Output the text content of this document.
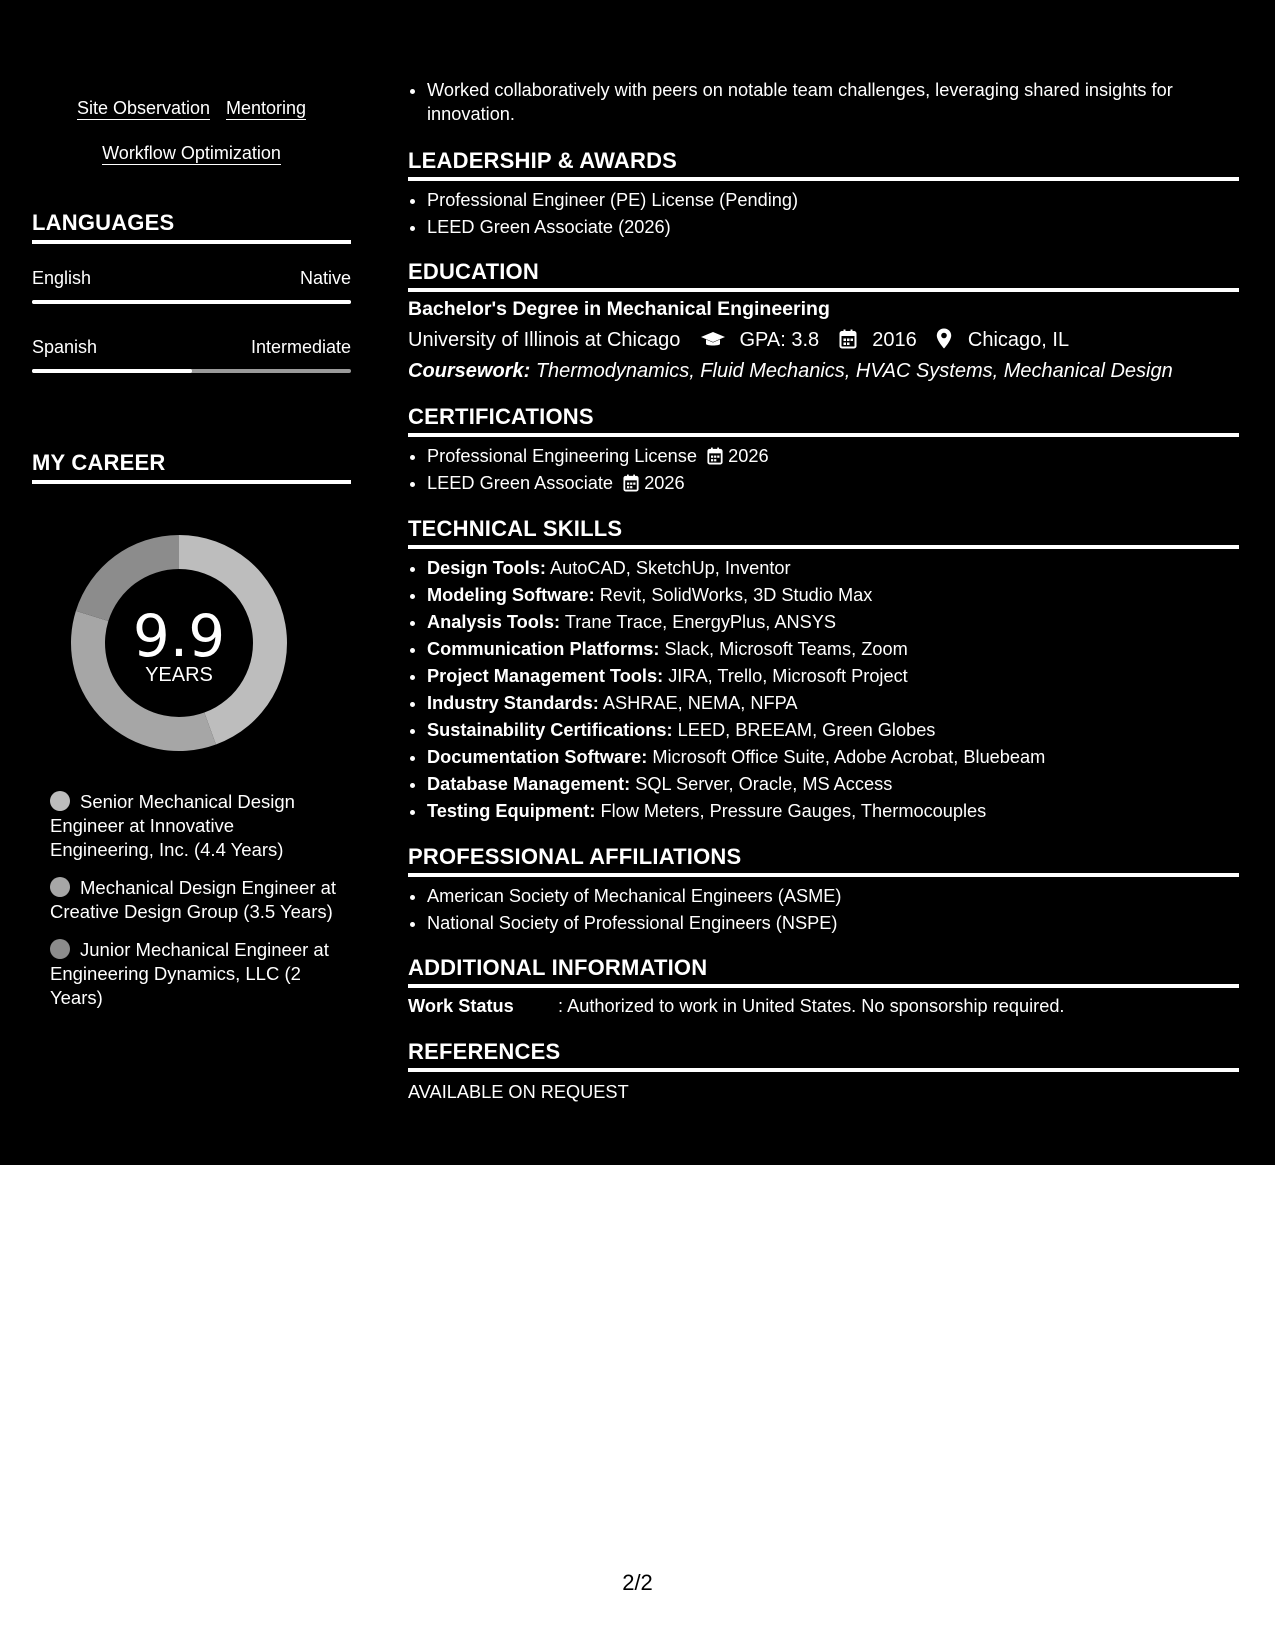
Site Observation Mentoring
Workflow Optimization
LANGUAGES
English	Native
Spanish	Intermediate
MY CAREER
9.9
YEARS
Senior Mechanical Design Engineer at Innovative Engineering, Inc. (4.4 Years)
Mechanical Design Engineer at Creative Design Group (3.5 Years)
Junior Mechanical Engineer at Engineering Dynamics, LLC (2 Years)
• Worked collaboratively with peers on notable team challenges, leveraging shared insights for innovation.
LEADERSHIP & AWARDS
• Professional Engineer (PE) License (Pending)
• LEED Green Associate (2026)
EDUCATION
Bachelor's Degree in Mechanical Engineering
University of Illinois at Chicago	GPA: 3.8	2016	Chicago, IL
Coursework: Thermodynamics, Fluid Mechanics, HVAC Systems, Mechanical Design
CERTIFICATIONS
• Professional Engineering License 2026
• LEED Green Associate 2026
TECHNICAL SKILLS
• Design Tools: AutoCAD, SketchUp, Inventor
• Modeling Software: Revit, SolidWorks, 3D Studio Max
• Analysis Tools: Trane Trace, EnergyPlus, ANSYS
• Communication Platforms: Slack, Microsoft Teams, Zoom
• Project Management Tools: JIRA, Trello, Microsoft Project
• Industry Standards: ASHRAE, NEMA, NFPA
• Sustainability Certifications: LEED, BREEAM, Green Globes
• Documentation Software: Microsoft Office Suite, Adobe Acrobat, Bluebeam
• Database Management: SQL Server, Oracle, MS Access
• Testing Equipment: Flow Meters, Pressure Gauges, Thermocouples
PROFESSIONAL AFFILIATIONS
• American Society of Mechanical Engineers (ASME)
• National Society of Professional Engineers (NSPE)
ADDITIONAL INFORMATION
Work Status : Authorized to work in United States. No sponsorship required.
REFERENCES
AVAILABLE ON REQUEST
2/2
